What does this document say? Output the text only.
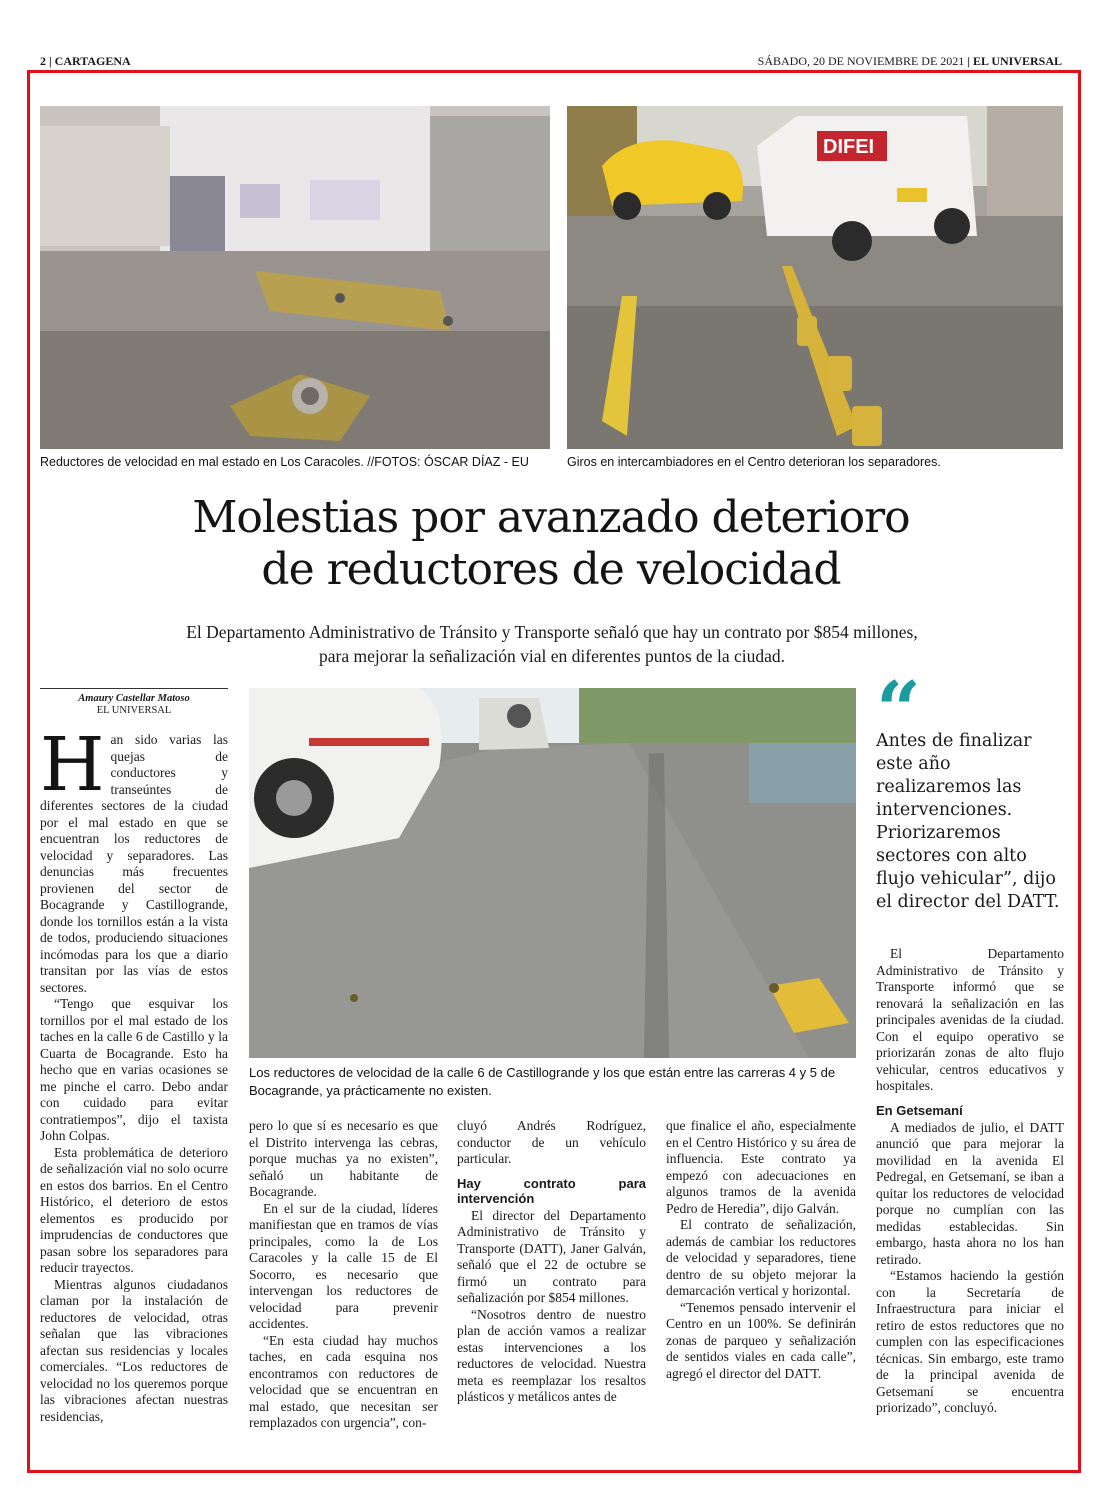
2 | CARTAGENA	SÁBADO, 20 DE NOVIEMBRE DE 2021 | EL UNIVERSAL
Reductores de velocidad en mal estado en Los Caracoles. //FOTOS: ÓSCAR DÍAZ - EU
DIFEI
Giros en intercambiadores en el Centro deterioran los separadores.
Molestias por avanzado deterioro
de reductores de velocidad
El Departamento Administrativo de Tránsito y Transporte señaló que hay un contrato por $854 millones,
para mejorar la señalización vial en diferentes puntos de la ciudad.
Amaury Castellar Matoso
EL UNIVERSAL

Han sido varias las quejas de conductores y transeúntes de diferentes sectores de la ciudad por el mal estado en que se encuentran los reductores de velocidad y separadores. Las denuncias más frecuentes provienen del sector de Bocagrande y Castillogrande, donde los tornillos están a la vista de todos, produciendo situaciones incómodas para los que a diario transitan por las vías de estos sectores.

“Tengo que esquivar los tornillos por el mal estado de los taches en la calle 6 de Castillo y la Cuarta de Bocagrande. Esto ha hecho que en varias ocasiones se me pinche el carro. Debo andar con cuidado para evitar contratiempos”, dijo el taxista John Colpas.

Esta problemática de deterioro de señalización vial no solo ocurre en estos dos barrios. En el Centro Histórico, el deterioro de estos elementos es producido por imprudencias de conductores que pasan sobre los separadores para reducir trayectos.

Mientras algunos ciudadanos claman por la instalación de reductores de velocidad, otras señalan que las vibraciones afectan sus residencias y locales comerciales. “Los reductores de velocidad no los queremos porque las vibraciones afectan nuestras residencias,

Los reductores de velocidad de la calle 6 de Castillogrande y los que están entre las carreras 4 y 5 de Bocagrande, ya prácticamente no existen.

pero lo que sí es necesario es que el Distrito intervenga las cebras, porque muchas ya no existen”, señaló un habitante de Bocagrande.

En el sur de la ciudad, líderes manifiestan que en tramos de vías principales, como la de Los Caracoles y la calle 15 de El Socorro, es necesario que intervengan los reductores de velocidad para prevenir accidentes.

“En esta ciudad hay muchos taches, en cada esquina nos encontramos con reductores de velocidad que se encuentran en mal estado, que necesitan ser remplazados con urgencia”, con-

cluyó Andrés Rodríguez, conductor de un vehículo particular.

Hay contrato para intervención

El director del Departamento Administrativo de Tránsito y Transporte (DATT), Janer Galván, señaló que el 22 de octubre se firmó un contrato para señalización por $854 millones.

“Nosotros dentro de nuestro plan de acción vamos a realizar estas intervenciones a los reductores de velocidad. Nuestra meta es reemplazar los resaltos plásticos y metálicos antes de

que finalice el año, especialmente en el Centro Histórico y su área de influencia. Este contrato ya empezó con adecuaciones en algunos tramos de la avenida Pedro de Heredia”, dijo Galván.

El contrato de señalización, además de cambiar los reductores de velocidad y separadores, tiene dentro de su objeto mejorar la demarcación vertical y horizontal.

“Tenemos pensado intervenir el Centro en un 100%. Se definirán zonas de parqueo y señalización de sentidos viales en cada calle”, agregó el director del DATT.

“
Antes de finalizar este año realizaremos las intervenciones. Priorizaremos sectores con alto flujo vehicular”, dijo el director del DATT.

El Departamento Administrativo de Tránsito y Transporte informó que se renovará la señalización en las principales avenidas de la ciudad. Con el equipo operativo se priorizarán zonas de alto flujo vehicular, centros educativos y hospitales.

En Getsemaní

A mediados de julio, el DATT anunció que para mejorar la movilidad en la avenida El Pedregal, en Getsemaní, se iban a quitar los reductores de velocidad porque no cumplían con las medidas establecidas. Sin embargo, hasta ahora no los han retirado.

“Estamos haciendo la gestión con la Secretaría de Infraestructura para iniciar el retiro de estos reductores que no cumplen con las especificaciones técnicas. Sin embargo, este tramo de la principal avenida de Getsemaní se encuentra priorizado”, concluyó.
